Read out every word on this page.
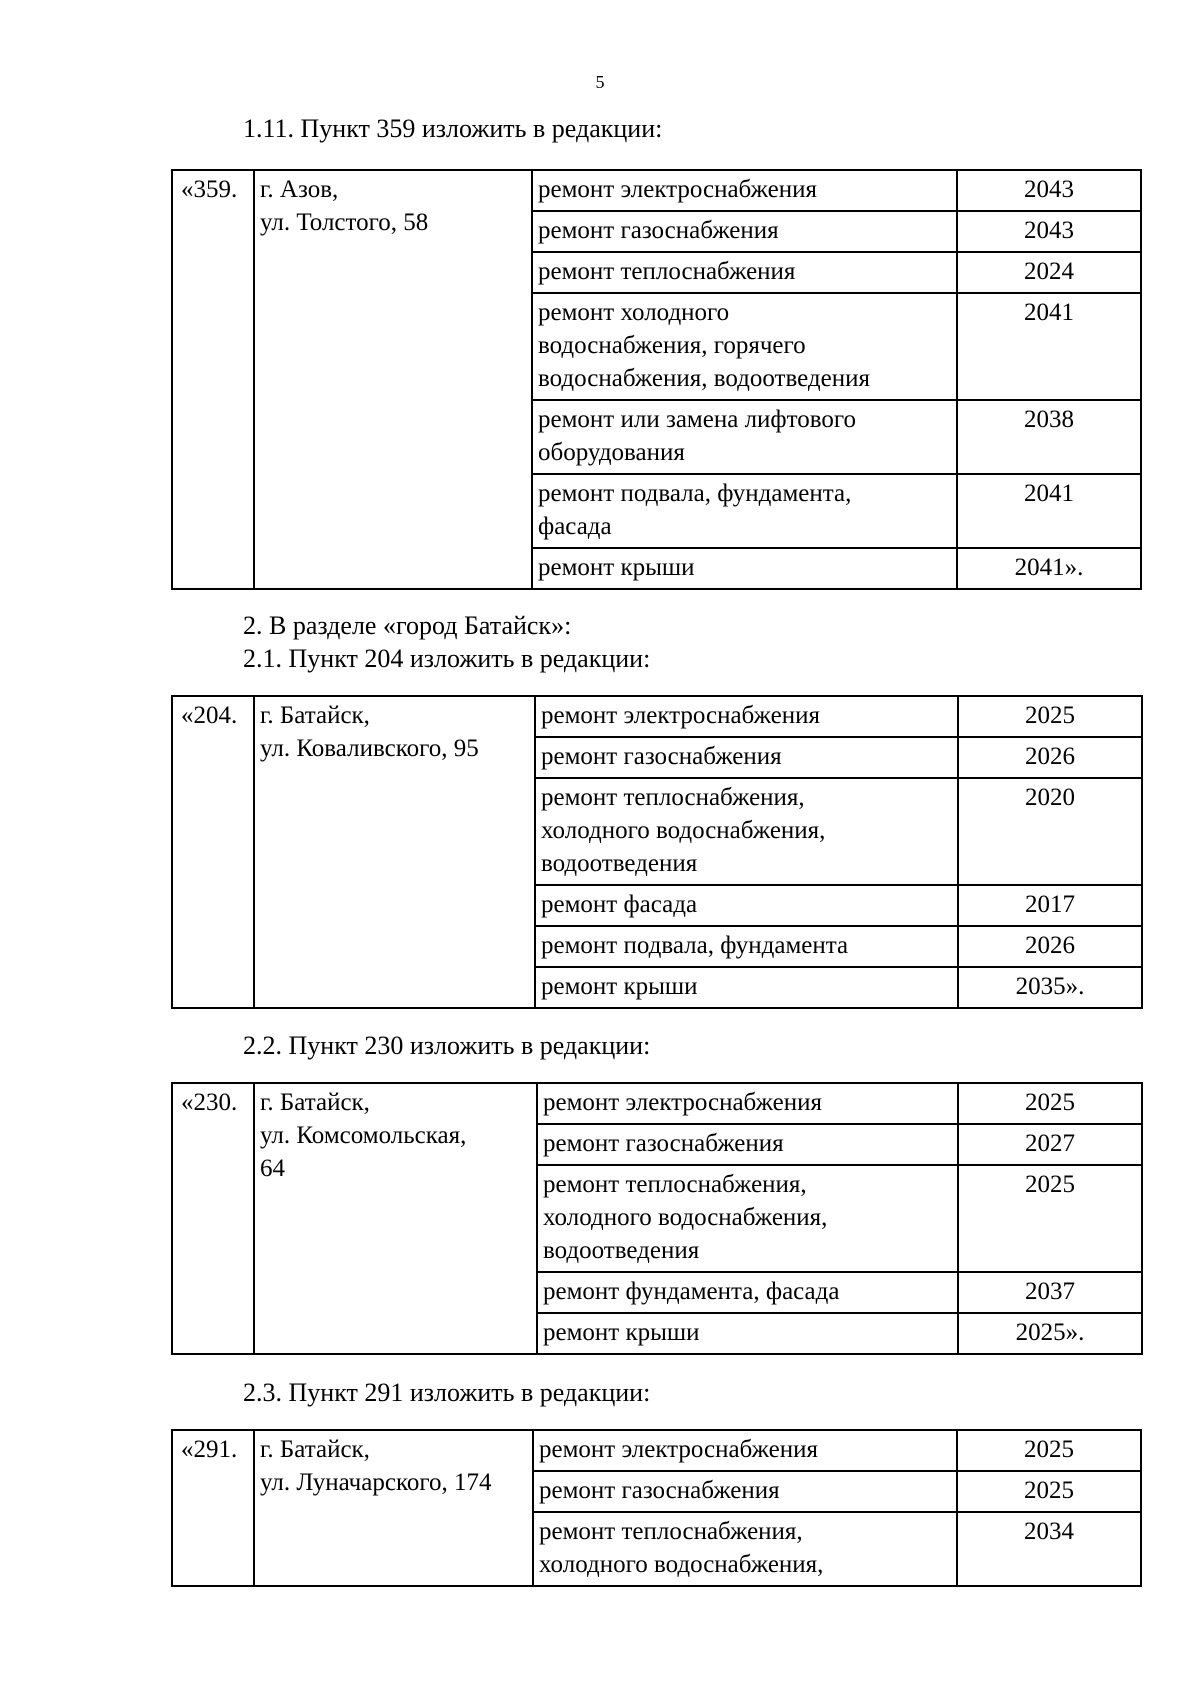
5
1.11. Пункт 359 изложить в редакции:
«359.	г. Азов,
ул. Толстого, 58	ремонт электроснабжения	2043

		ремонт газоснабжения	2043

		ремонт теплоснабжения	2024

		ремонт холодного
водоснабжения, горячего
водоснабжения, водоотведения	2041

		ремонт или замена лифтового
оборудования	2038

		ремонт подвала, фундамента,
фасада	2041

		ремонт крыши	2041».
2. В разделе «город Батайск»:
2.1. Пункт 204 изложить в редакции:
«204.	г. Батайск,
ул. Коваливского, 95	ремонт электроснабжения	2025

		ремонт газоснабжения	2026

		ремонт теплоснабжения,
холодного водоснабжения,
водоотведения	2020

		ремонт фасада	2017

		ремонт подвала, фундамента	2026

		ремонт крыши	2035».
2.2. Пункт 230 изложить в редакции:
«230.	г. Батайск,
ул. Комсомольская,
64	ремонт электроснабжения	2025

		ремонт газоснабжения	2027

		ремонт теплоснабжения,
холодного водоснабжения,
водоотведения	2025

		ремонт фундамента, фасада	2037

		ремонт крыши	2025».
2.3. Пункт 291 изложить в редакции:
«291.	г. Батайск,
ул. Луначарского, 174	ремонт электроснабжения	2025

		ремонт газоснабжения	2025

		ремонт теплоснабжения,
холодного водоснабжения,	2034
